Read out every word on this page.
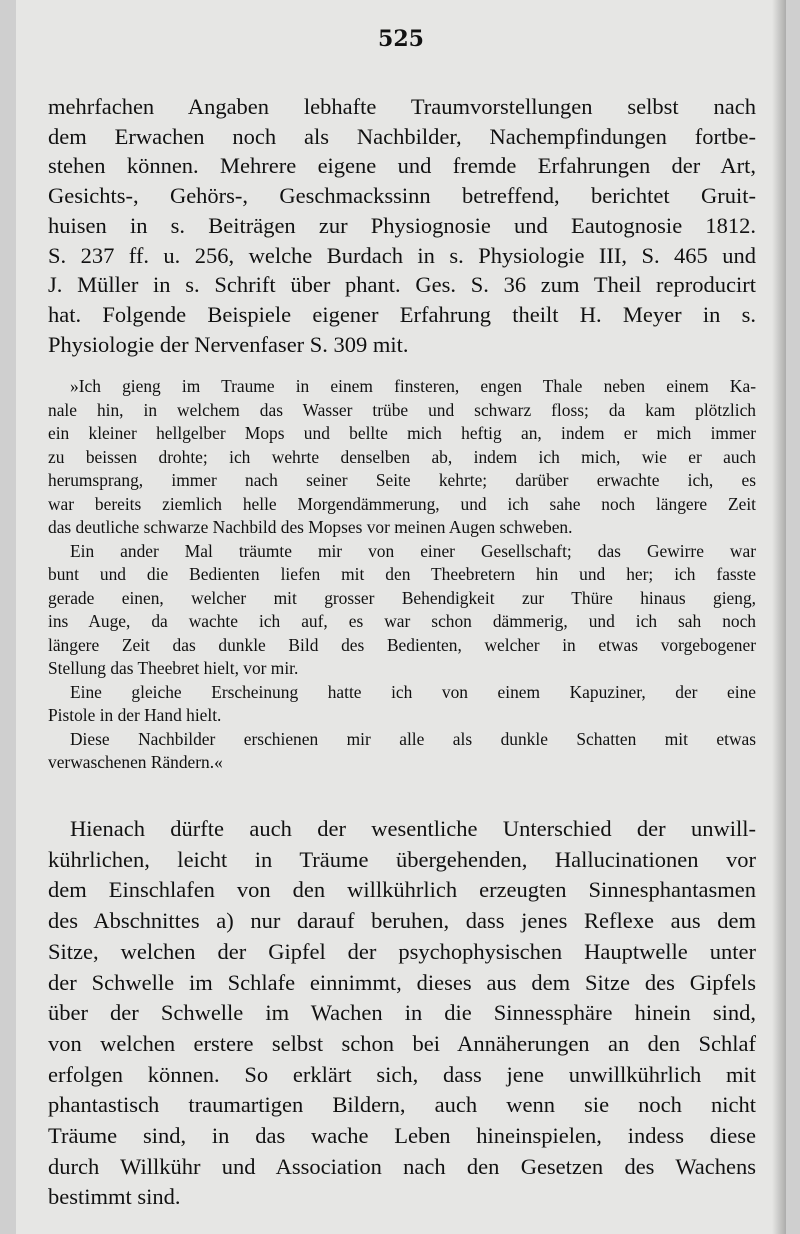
525

mehrfachen Angaben lebhafte Traumvorstellungen selbst nach
dem Erwachen noch als Nachbilder, Nachempfindungen fortbe-
stehen können. Mehrere eigene und fremde Erfahrungen der Art,
Gesichts-, Gehörs-, Geschmackssinn betreffend, berichtet Gruit-
huisen in s. Beiträgen zur Physiognosie und Eautognosie 1812.
S. 237 ff. u. 256, welche Burdach in s. Physiologie III, S. 465 und
J. Müller in s. Schrift über phant. Ges. S. 36 zum Theil reproducirt
hat. Folgende Beispiele eigener Erfahrung theilt H. Meyer in s.
Physiologie der Nervenfaser S. 309 mit.
»Ich gieng im Traume in einem finsteren, engen Thale neben einem Ka-
nale hin, in welchem das Wasser trübe und schwarz floss; da kam plötzlich
ein kleiner hellgelber Mops und bellte mich heftig an, indem er mich immer
zu beissen drohte; ich wehrte denselben ab, indem ich mich, wie er auch
herumsprang, immer nach seiner Seite kehrte; darüber erwachte ich, es
war bereits ziemlich helle Morgendämmerung, und ich sahe noch längere Zeit
das deutliche schwarze Nachbild des Mopses vor meinen Augen schweben.
Ein ander Mal träumte mir von einer Gesellschaft; das Gewirre war
bunt und die Bedienten liefen mit den Theebretern hin und her; ich fasste
gerade einen, welcher mit grosser Behendigkeit zur Thüre hinaus gieng,
ins Auge, da wachte ich auf, es war schon dämmerig, und ich sah noch
längere Zeit das dunkle Bild des Bedienten, welcher in etwas vorgebogener
Stellung das Theebret hielt, vor mir.
Eine gleiche Erscheinung hatte ich von einem Kapuziner, der eine
Pistole in der Hand hielt.
Diese Nachbilder erschienen mir alle als dunkle Schatten mit etwas
verwaschenen Rändern.«
Hienach dürfte auch der wesentliche Unterschied der unwill-
kührlichen, leicht in Träume übergehenden, Hallucinationen vor
dem Einschlafen von den willkührlich erzeugten Sinnesphantasmen
des Abschnittes a) nur darauf beruhen, dass jenes Reflexe aus dem
Sitze, welchen der Gipfel der psychophysischen Hauptwelle unter
der Schwelle im Schlafe einnimmt, dieses aus dem Sitze des Gipfels
über der Schwelle im Wachen in die Sinnessphäre hinein sind,
von welchen erstere selbst schon bei Annäherungen an den Schlaf
erfolgen können. So erklärt sich, dass jene unwillkührlich mit
phantastisch traumartigen Bildern, auch wenn sie noch nicht
Träume sind, in das wache Leben hineinspielen, indess diese
durch Willkühr und Association nach den Gesetzen des Wachens
bestimmt sind.
